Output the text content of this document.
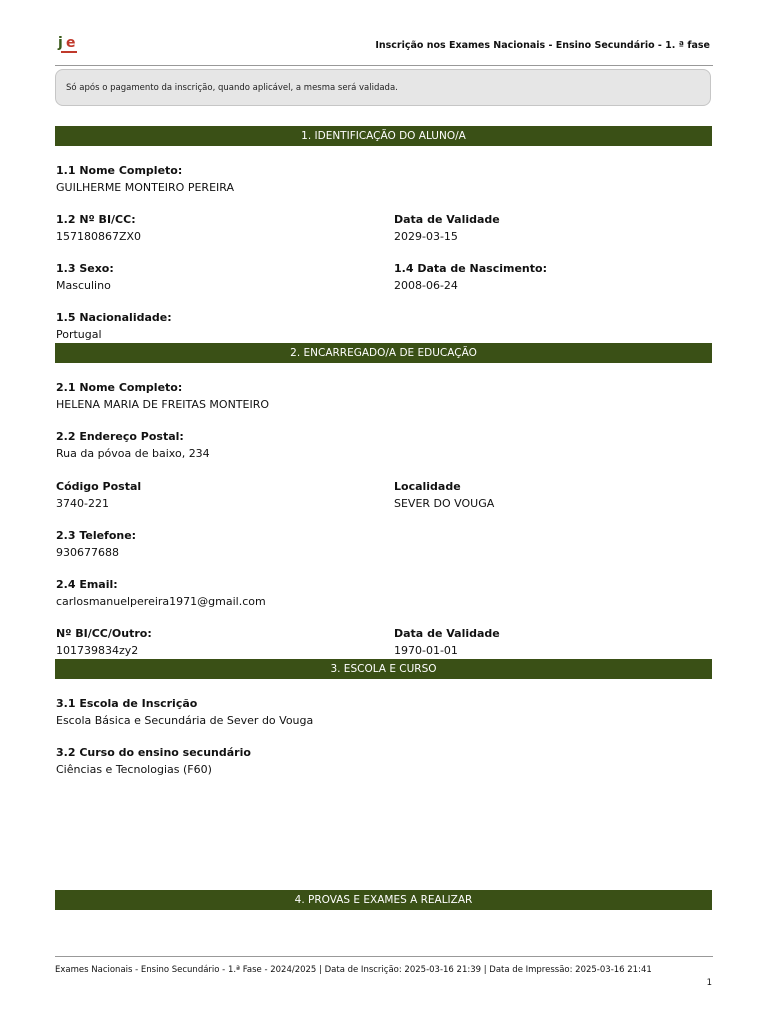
j e	Inscrição nos Exames Nacionais - Ensino Secundário - 1. ª fase
Só após o pagamento da inscrição, quando aplicável, a mesma será validada.
1. IDENTIFICAÇÃO DO ALUNO/A
1.1 Nome Completo:
GUILHERME MONTEIRO PEREIRA
1.2 Nº BI/CC:
157180867ZX0
Data de Validade
2029-03-15
1.3 Sexo:
Masculino
1.4 Data de Nascimento:
2008-06-24
1.5 Nacionalidade:
Portugal
2. ENCARREGADO/A DE EDUCAÇÃO
2.1 Nome Completo:
HELENA MARIA DE FREITAS MONTEIRO
2.2 Endereço Postal:
Rua da póvoa de baixo, 234
Código Postal
3740-221
Localidade
SEVER DO VOUGA
2.3 Telefone:
930677688
2.4 Email:
carlosmanuelpereira1971@gmail.com
Nº BI/CC/Outro:
101739834zy2
Data de Validade
1970-01-01
3. ESCOLA E CURSO
3.1 Escola de Inscrição
Escola Básica e Secundária de Sever do Vouga
3.2 Curso do ensino secundário
Ciências e Tecnologias (F60)
4. PROVAS E EXAMES A REALIZAR
Exames Nacionais - Ensino Secundário - 1.ª Fase - 2024/2025 | Data de Inscrição: 2025-03-16 21:39 | Data de Impressão: 2025-03-16 21:41
1
